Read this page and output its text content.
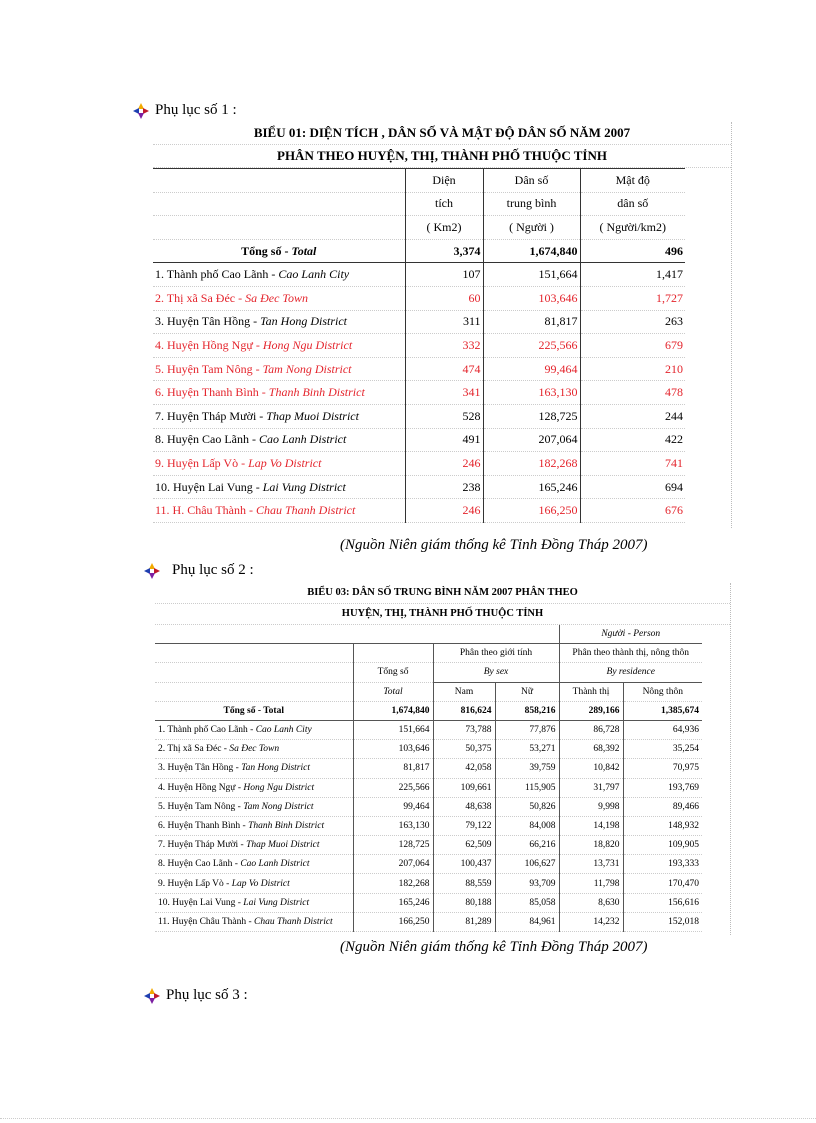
Phụ lục số 1 :
BIỂU 01: DIỆN TÍCH , DÂN SỐ VÀ MẬT ĐỘ DÂN SỐ NĂM 2007
PHÂN THEO HUYỆN, THỊ, THÀNH PHỐ THUỘC TỈNH
	Diện	Dân số	Mật độ
	tích	trung bình	dân số
	( Km2)	( Người )	( Người/km2)
Tổng số - Total	3,374	1,674,840	496
1. Thành phố Cao Lãnh - Cao Lanh City	107	151,664	1,417
2. Thị xã Sa Đéc - Sa Đec Town	60	103,646	1,727
3. Huyện Tân Hồng - Tan Hong District	311	81,817	263
4. Huyện Hồng Ngự - Hong Ngu District	332	225,566	679
5. Huyện Tam Nông - Tam Nong District	474	99,464	210
6. Huyện Thanh Bình - Thanh Binh District	341	163,130	478
7. Huyện Tháp Mười - Thap Muoi District	528	128,725	244
8. Huyện Cao Lãnh - Cao Lanh District	491	207,064	422
9. Huyện Lấp Vò - Lap Vo District	246	182,268	741
10. Huyện Lai Vung - Lai Vung District	238	165,246	694
11. H. Châu Thành - Chau Thanh District	246	166,250	676
(Nguồn Niên giám thống kê Tỉnh Đồng Tháp 2007)
Phụ lục số 2 :
BIỂU 03: DÂN SỐ TRUNG BÌNH NĂM 2007 PHÂN THEO
HUYỆN, THỊ, THÀNH PHỐ THUỘC TỈNH
				Người - Person	
		Phân theo giới tính		Phân theo thành thị, nông thôn	
	Tổng số	By sex		By residence	
	Total	Nam	Nữ	Thành thị	Nông thôn
Tổng số - Total	1,674,840	816,624	858,216	289,166	1,385,674
1. Thành phố Cao Lãnh - Cao Lanh City	151,664	73,788	77,876	86,728	64,936
2. Thị xã Sa Đéc - Sa Đec Town	103,646	50,375	53,271	68,392	35,254
3. Huyện Tân Hồng - Tan Hong District	81,817	42,058	39,759	10,842	70,975
4. Huyện Hồng Ngự - Hong Ngu District	225,566	109,661	115,905	31,797	193,769
5. Huyện Tam Nông - Tam Nong District	99,464	48,638	50,826	9,998	89,466
6. Huyện Thanh Bình - Thanh Binh District	163,130	79,122	84,008	14,198	148,932
7. Huyện Tháp Mười - Thap Muoi District	128,725	62,509	66,216	18,820	109,905
8. Huyện Cao Lãnh - Cao Lanh District	207,064	100,437	106,627	13,731	193,333
9. Huyện Lấp Vò - Lap Vo District	182,268	88,559	93,709	11,798	170,470
10. Huyện Lai Vung - Lai Vung District	165,246	80,188	85,058	8,630	156,616
11. Huyện Châu Thành - Chau Thanh District	166,250	81,289	84,961	14,232	152,018
(Nguồn Niên giám thống kê Tỉnh Đồng Tháp 2007)
Phụ lục số 3 :
